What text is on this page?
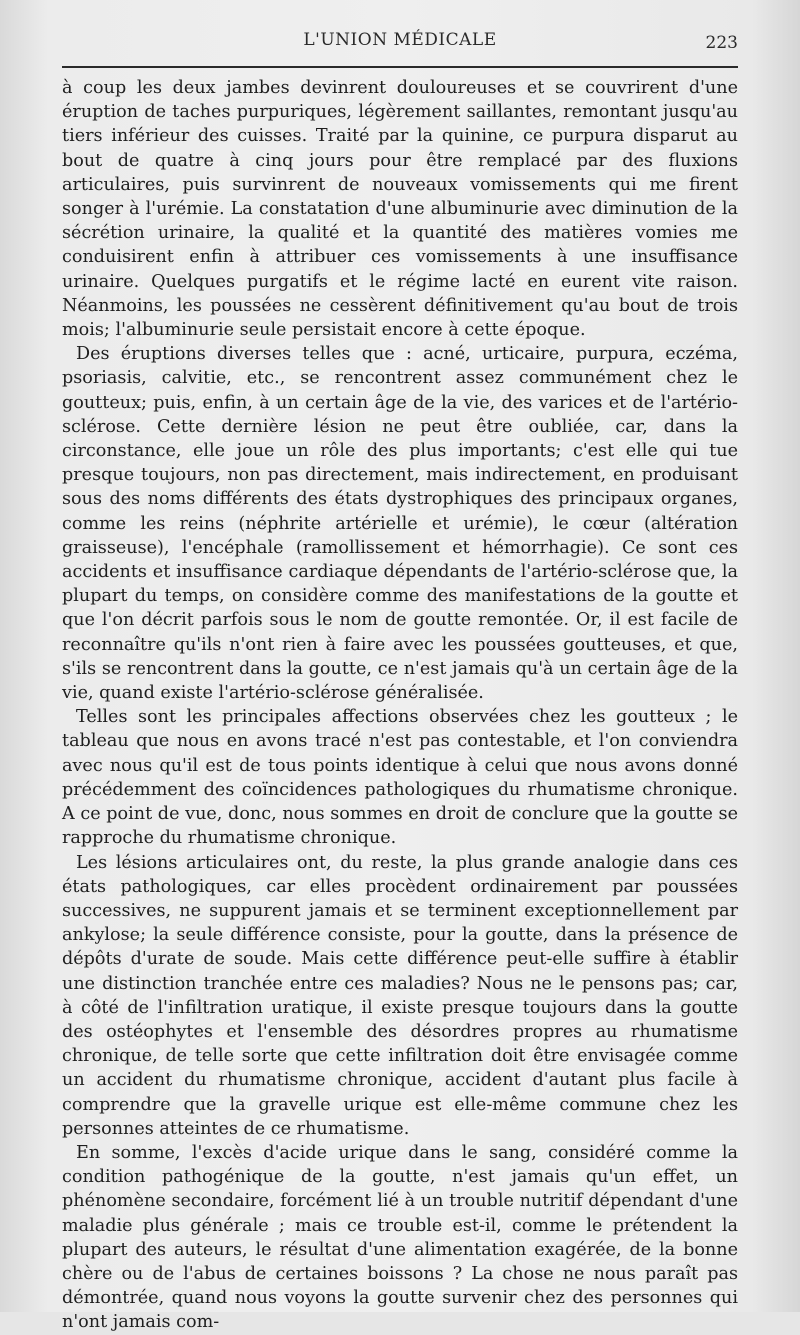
L'UNION MÉDICALE	223

à coup les deux jambes devinrent douloureuses et se couvrirent d'une éruption de taches purpuriques, légèrement saillantes, remontant jusqu'au tiers inférieur des cuisses. Traité par la quinine, ce purpura disparut au bout de quatre à cinq jours pour être remplacé par des fluxions articulaires, puis survinrent de nouveaux vomissements qui me firent songer à l'urémie. La constatation d'une albuminurie avec diminution de la sécrétion urinaire, la qualité et la quantité des matières vomies me conduisirent enfin à attribuer ces vomissements à une insuffisance urinaire. Quelques purgatifs et le régime lacté en eurent vite raison. Néanmoins, les poussées ne cessèrent définitivement qu'au bout de trois mois; l'albuminurie seule persistait encore à cette époque.

Des éruptions diverses telles que : acné, urticaire, purpura, eczéma, psoriasis, calvitie, etc., se rencontrent assez communément chez le goutteux; puis, enfin, à un certain âge de la vie, des varices et de l'artério-sclérose. Cette dernière lésion ne peut être oubliée, car, dans la circonstance, elle joue un rôle des plus importants; c'est elle qui tue presque toujours, non pas directement, mais indirectement, en produisant sous des noms différents des états dystrophiques des principaux organes, comme les reins (néphrite artérielle et urémie), le cœur (altération graisseuse), l'encéphale (ramollissement et hémorrhagie). Ce sont ces accidents et insuffisance cardiaque dépendants de l'artério-sclérose que, la plupart du temps, on considère comme des manifestations de la goutte et que l'on décrit parfois sous le nom de goutte remontée. Or, il est facile de reconnaître qu'ils n'ont rien à faire avec les poussées goutteuses, et que, s'ils se rencontrent dans la goutte, ce n'est jamais qu'à un certain âge de la vie, quand existe l'artério-sclérose généralisée.

Telles sont les principales affections observées chez les goutteux ; le tableau que nous en avons tracé n'est pas contestable, et l'on conviendra avec nous qu'il est de tous points identique à celui que nous avons donné précédemment des coïncidences pathologiques du rhumatisme chronique. A ce point de vue, donc, nous sommes en droit de conclure que la goutte se rapproche du rhumatisme chronique.

Les lésions articulaires ont, du reste, la plus grande analogie dans ces états pathologiques, car elles procèdent ordinairement par poussées successives, ne suppurent jamais et se terminent exceptionnellement par ankylose; la seule différence consiste, pour la goutte, dans la présence de dépôts d'urate de soude. Mais cette différence peut-elle suffire à établir une distinction tranchée entre ces maladies? Nous ne le pensons pas; car, à côté de l'infiltration uratique, il existe presque toujours dans la goutte des ostéophytes et l'ensemble des désordres propres au rhumatisme chronique, de telle sorte que cette infiltration doit être envisagée comme un accident du rhumatisme chronique, accident d'autant plus facile à comprendre que la gravelle urique est elle-même commune chez les personnes atteintes de ce rhumatisme.

En somme, l'excès d'acide urique dans le sang, considéré comme la condition pathogénique de la goutte, n'est jamais qu'un effet, un phénomène secondaire, forcément lié à un trouble nutritif dépendant d'une maladie plus générale ; mais ce trouble est-il, comme le prétendent la plupart des auteurs, le résultat d'une alimentation exagérée, de la bonne chère ou de l'abus de certaines boissons ? La chose ne nous paraît pas démontrée, quand nous voyons la goutte survenir chez des personnes qui n'ont jamais com-
